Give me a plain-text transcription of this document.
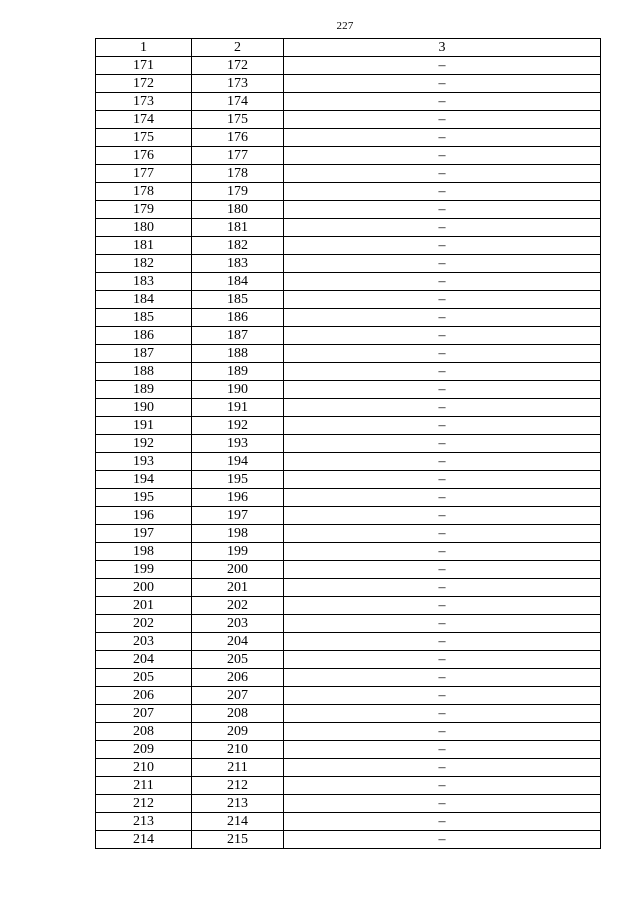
227
1	2	3
171	172	–
172	173	–
173	174	–
174	175	–
175	176	–
176	177	–
177	178	–
178	179	–
179	180	–
180	181	–
181	182	–
182	183	–
183	184	–
184	185	–
185	186	–
186	187	–
187	188	–
188	189	–
189	190	–
190	191	–
191	192	–
192	193	–
193	194	–
194	195	–
195	196	–
196	197	–
197	198	–
198	199	–
199	200	–
200	201	–
201	202	–
202	203	–
203	204	–
204	205	–
205	206	–
206	207	–
207	208	–
208	209	–
209	210	–
210	211	–
211	212	–
212	213	–
213	214	–
214	215	–
